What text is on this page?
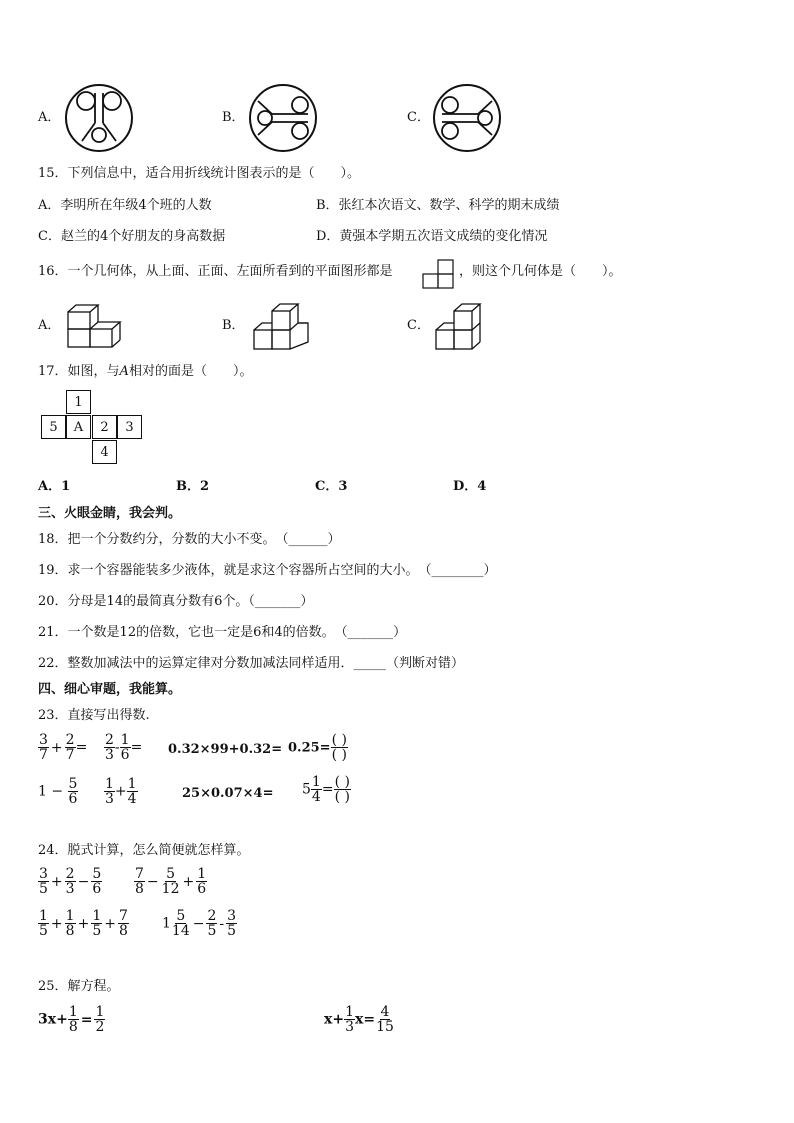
A．	B．	C．
15．下列信息中，适合用折线统计图表示的是（　　）。
A．李明所在年级4个班的人数	B．张红本次语文、数学、科学的期末成绩
C．赵兰的4个好朋友的身高数据	D．黄强本学期五次语文成绩的变化情况
16．一个几何体，从上面、正面、左面所看到的平面图形都是	，则这个几何体是（　　）。
A．	B．	C．
17．如图，与A相对的面是（　　）。
1
5	A	2	3
4
A．1	B．2	C．3	D．4
三、火眼金睛，我会判。
18．把一个分数约分，分数的大小不变。　（______）
19．求一个容器能装多少液体，就是求这个容器所占空间的大小。　（________）
20．分母是14的最简真分数有6个。（_______）
21．一个数是12的倍数，它也一定是6和4的倍数。　（_______）
22．整数加减法中的运算定律对分数加减法同样适用．_____（判断对错）
四、细心审题，我能算。
23．直接写出得数.
$\frac{3}{7} + \frac{2}{7} = \frac{2}{3} - \frac{1}{6} = 0.32\times 99+0.32= 0.25= \frac{( )}{( )}$
$1 - \frac{5}{6} \frac{1}{3} + \frac{1}{4}$	$25\times 0.07\times 4= 5 \frac{1}{4} = \frac{( )}{( )}$
24．脱式计算，怎么简便就怎样算。
$\frac{3}{5} + \frac{2}{3} - \frac{5}{6} \frac{7}{8} - \frac{5}{12} + \frac{1}{6}$
$\frac{1}{5} + \frac{1}{8} + \frac{1}{5} + \frac{7}{8} 1 \frac{5}{14} - \frac{2}{5} - \frac{3}{5}$
25．解方程。
$3x+ \frac{1}{8} = \frac{1}{2}$	$x+ \frac{1}{3} x= \frac{4}{15}$
